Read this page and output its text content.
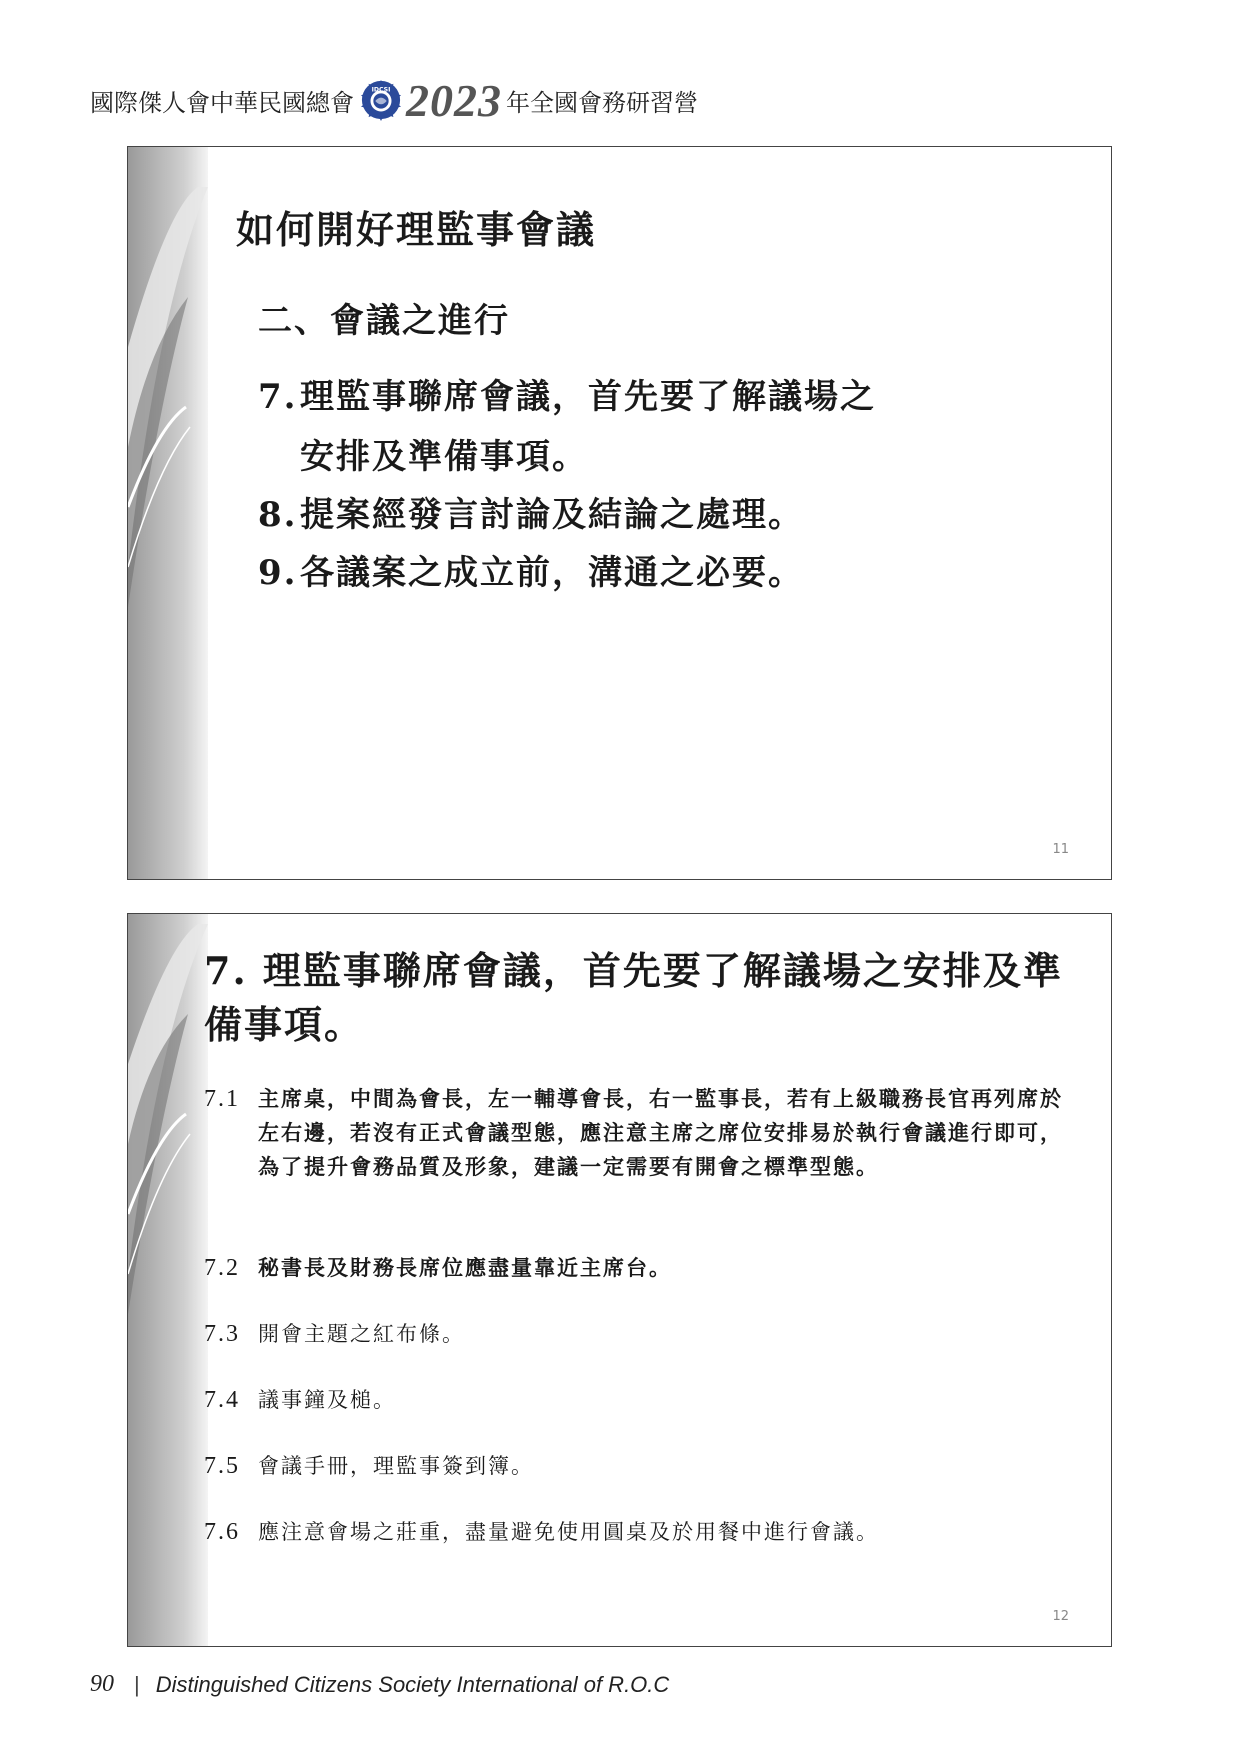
國際傑人會中華民國總會	IDCSI 2023 年全國會務研習營
如何開好理監事會議
二、會議之進行
7.理監事聯席會議，首先要了解議場之
安排及準備事項。
8.提案經發言討論及結論之處理。
9.各議案之成立前，溝通之必要。
11
7. 理監事聯席會議，首先要了解議場之安排及準備事項。
7.1 主席桌，中間為會長，左一輔導會長，右一監事長，若有上級職務長官再列席於左右邊，若沒有正式會議型態，應注意主席之席位安排易於執行會議進行即可，為了提升會務品質及形象，建議一定需要有開會之標準型態。
7.2 秘書長及財務長席位應盡量靠近主席台。
7.3 開會主題之紅布條。
7.4 議事鐘及槌。
7.5 會議手冊，理監事簽到簿。
7.6 應注意會場之莊重，盡量避免使用圓桌及於用餐中進行會議。
12
90 | Distinguished Citizens Society International of R.O.C
